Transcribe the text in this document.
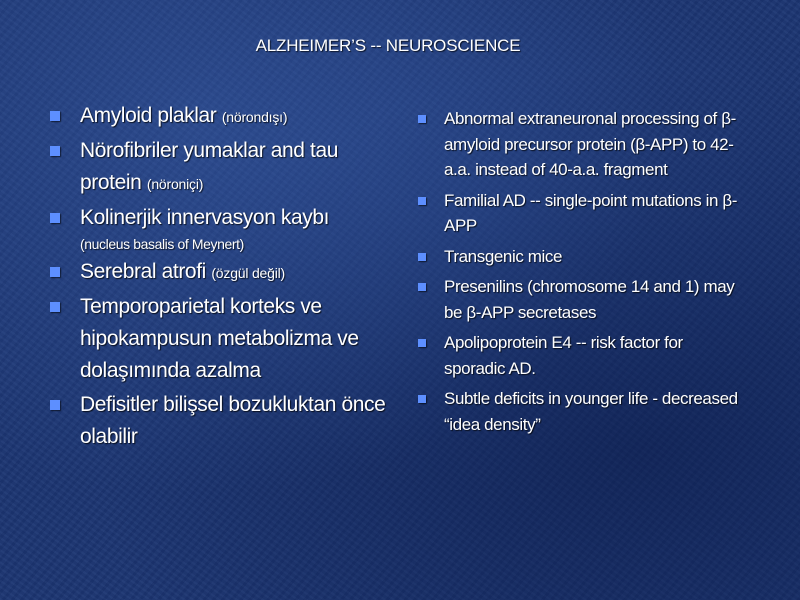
ALZHEIMER’S -- NEUROSCIENCE
Amyloid plaklar (nörondışı)
Nörofibriler yumaklar and tau protein (nöroniçi)
Kolinerjik innervasyon kaybı
(nucleus basalis of Meynert)
Serebral atrofi (özgül değil)
Temporoparietal korteks ve hipokampusun metabolizma ve dolaşımında azalma
Defisitler bilişsel bozukluktan önce olabilir
Abnormal extraneuronal processing of β-amyloid precursor protein (β-APP) to 42- a.a. instead of 40-a.a. fragment
Familial AD -- single-point mutations in β-APP
Transgenic mice
Presenilins (chromosome 14 and 1) may be β-APP secretases
Apolipoprotein E4 -- risk factor for sporadic AD.
Subtle deficits in younger life - decreased “idea density”
